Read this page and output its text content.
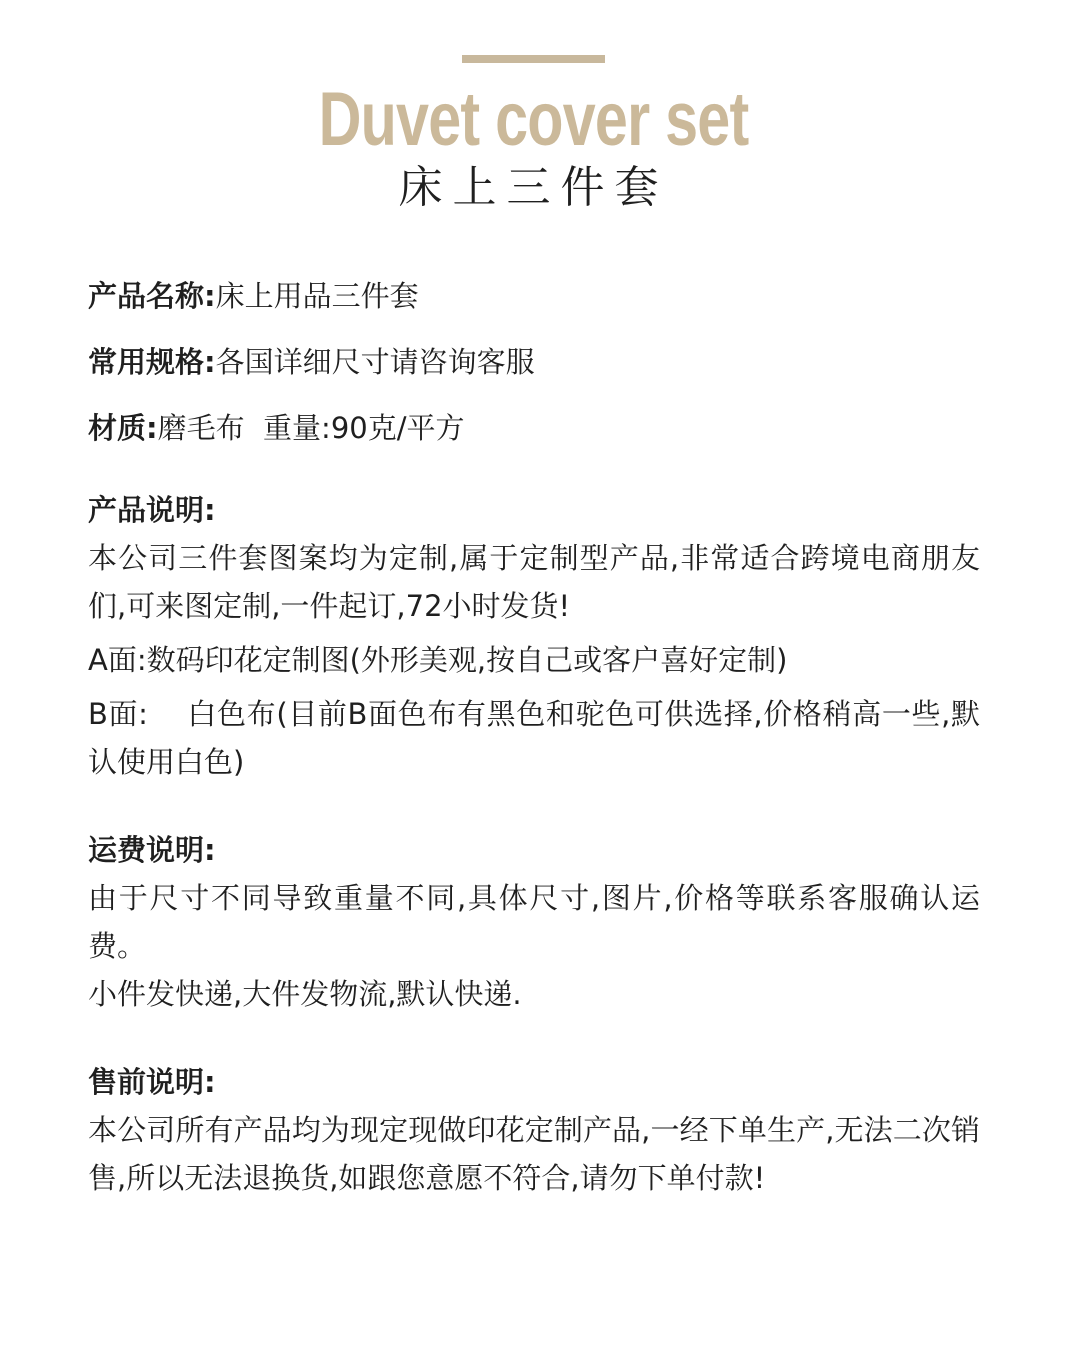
Duvet cover set
床上三件套

产品名称:床上用品三件套

常用规格:各国详细尺寸请咨询客服

材质:磨毛布  重量:90克/平方

产品说明:

本公司三件套图案均为定制,属于定制型产品,非常适合跨境电商朋友们,可来图定制,一件起订,72小时发货!

A面:数码印花定制图(外形美观,按自己或客户喜好定制)

B面:    白色布(目前B面色布有黑色和驼色可供选择,价格稍高一些,默认使用白色)

运费说明:

由于尺寸不同导致重量不同,具体尺寸,图片,价格等联系客服确认运费。

小件发快递,大件发物流,默认快递.

售前说明:

本公司所有产品均为现定现做印花定制产品,一经下单生产,无法二次销售,所以无法退换货,如跟您意愿不符合,请勿下单付款!
